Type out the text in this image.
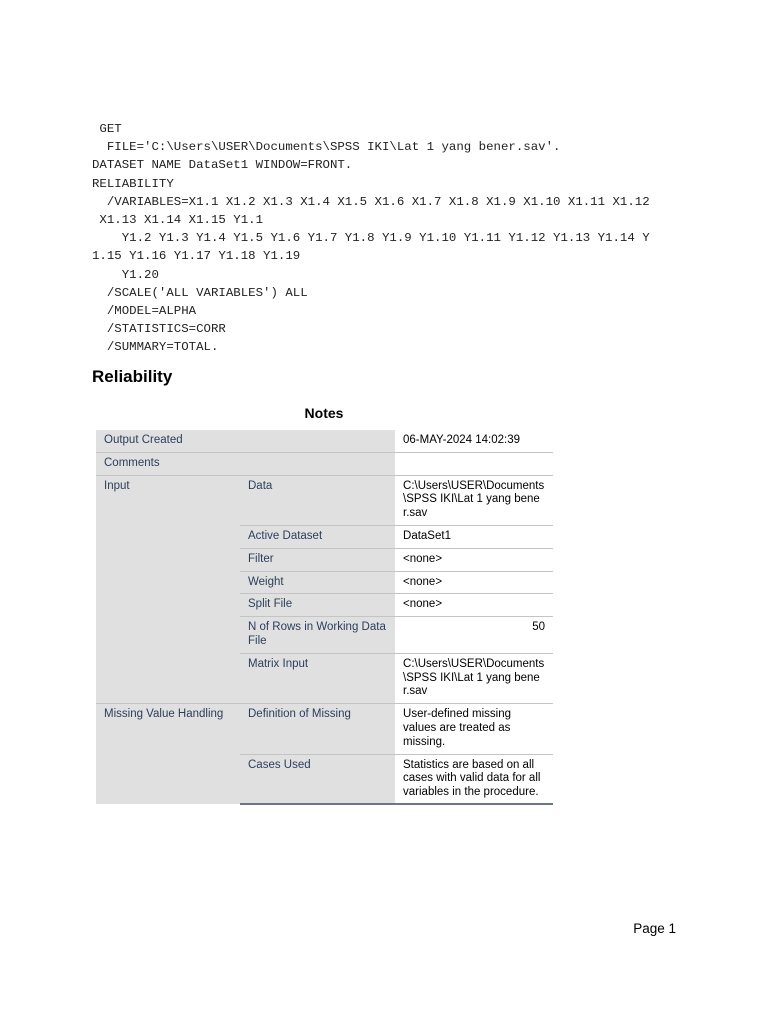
GET
FILE='C:\Users\USER\Documents\SPSS IKI\Lat 1 yang bener.sav'.
DATASET NAME DataSet1 WINDOW=FRONT.
RELIABILITY
/VARIABLES=X1.1 X1.2 X1.3 X1.4 X1.5 X1.6 X1.7 X1.8 X1.9 X1.10 X1.11 X1.12
X1.13 X1.14 X1.15 Y1.1
Y1.2 Y1.3 Y1.4 Y1.5 Y1.6 Y1.7 Y1.8 Y1.9 Y1.10 Y1.11 Y1.12 Y1.13 Y1.14 Y
1.15 Y1.16 Y1.17 Y1.18 Y1.19
Y1.20
/SCALE('ALL VARIABLES') ALL
/MODEL=ALPHA
/STATISTICS=CORR
/SUMMARY=TOTAL.
Reliability
Notes
Output Created		06-MAY-2024 14:02:39
Comments		
Input	Data	C:\Users\USER\Documents\SPSS IKI\Lat 1 yang bener.sav
	Active Dataset	DataSet1
	Filter	<none>
	Weight	<none>
	Split File	<none>
	N of Rows in Working Data File	50
	Matrix Input	C:\Users\USER\Documents\SPSS IKI\Lat 1 yang bener.sav
Missing Value Handling	Definition of Missing	User-defined missing values are treated as missing.
	Cases Used	Statistics are based on all cases with valid data for all variables in the procedure.
Page 1
